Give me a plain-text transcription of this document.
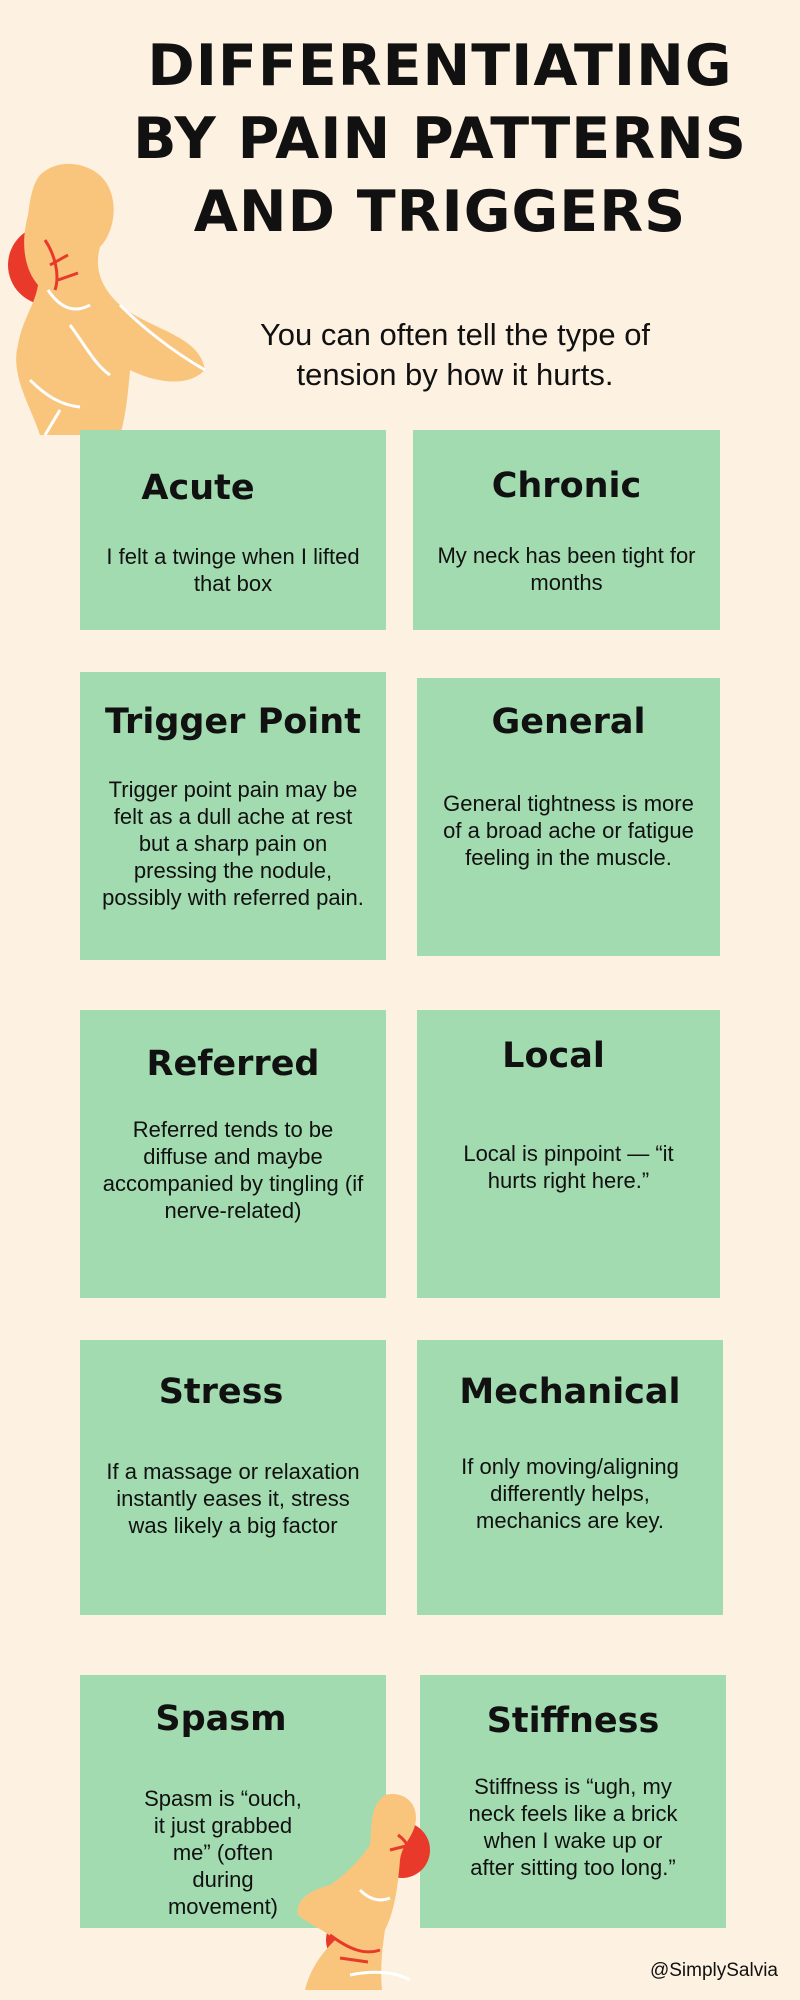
DIFFERENTIATING
BY PAIN PATTERNS
AND TRIGGERS

You can often tell the type of
tension by how it hurts.

Acute

I felt a twinge when I lifted that box

Chronic

My neck has been tight for months

Trigger Point

Trigger point pain may be felt as a dull ache at rest but a sharp pain on pressing the nodule, possibly with referred pain.

General

General tightness is more of a broad ache or fatigue feeling in the muscle.

Referred

Referred tends to be diffuse and maybe accompanied by tingling (if nerve-related)

Local

Local is pinpoint — “it hurts right here.”

Stress

If a massage or relaxation instantly eases it, stress was likely a big factor

Mechanical

If only moving/aligning differently helps, mechanics are key.

Spasm

Spasm is “ouch, it just grabbed me” (often during movement)

Stiffness

Stiffness is “ugh, my neck feels like a brick when I wake up or after sitting too long.”

@SimplySalvia
